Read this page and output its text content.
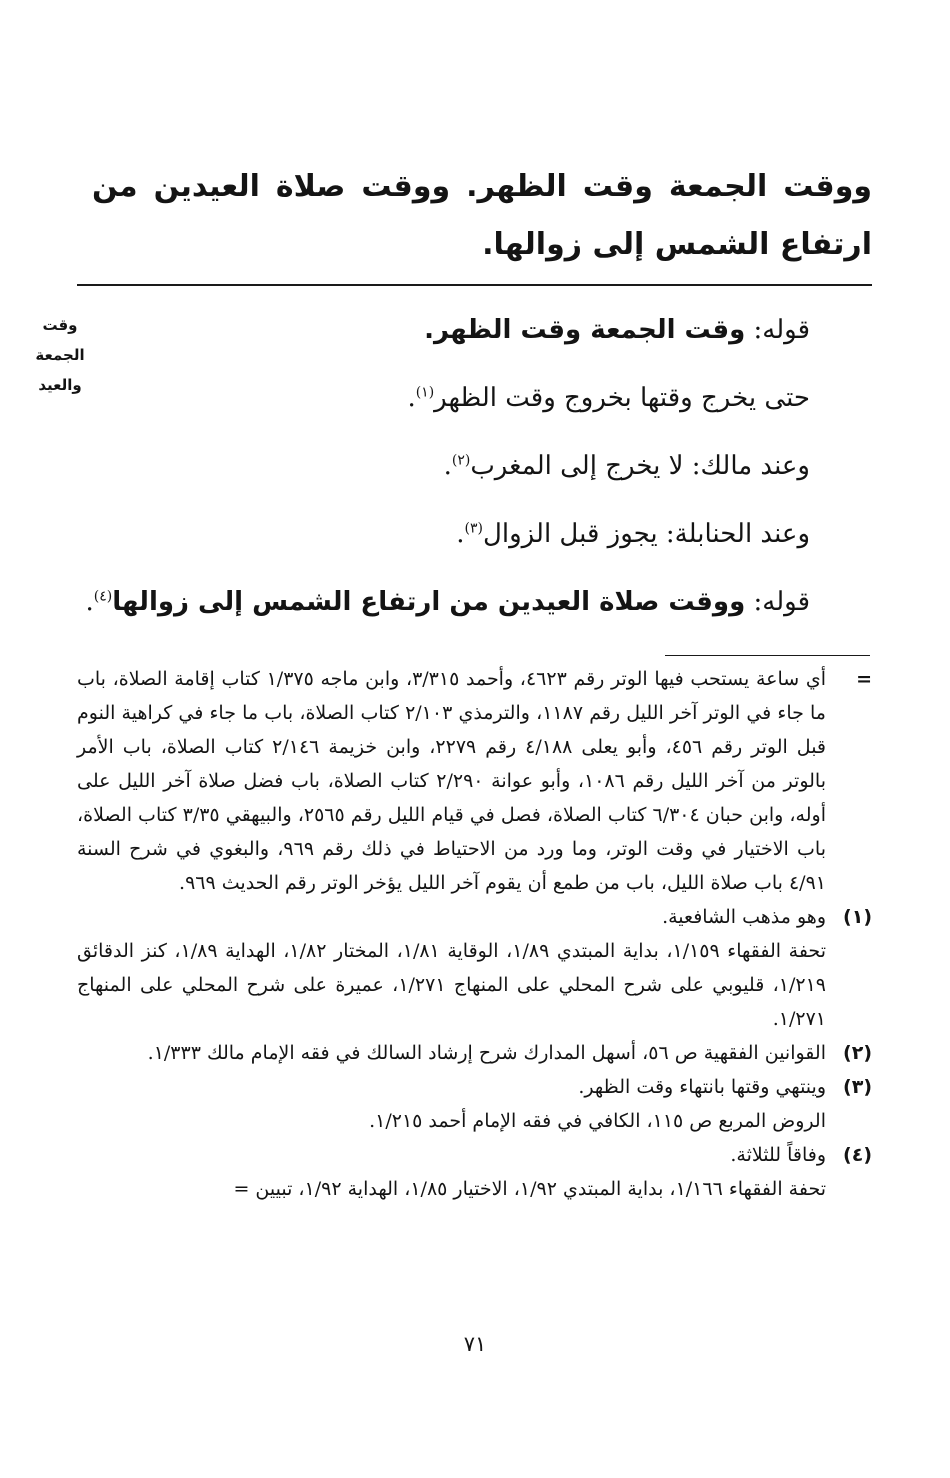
ووقت الجمعة وقت الظهر. ووقت صلاة العيدين من ارتفاع الشمس إلى زوالها.
وقت
الجمعة
والعيد

قوله: وقت الجمعة وقت الظهر.

حتى يخرج وقتها بخروج وقت الظهر$^{(١)}$.

وعند مالك: لا يخرج إلى المغرب$^{(٢)}$.

وعند الحنابلة: يجوز قبل الزوال$^{(٣)}$.

قوله: ووقت صلاة العيدين من ارتفاع الشمس إلى زوالها$^{(٤)}$.

=
أي ساعة يستحب فيها الوتر رقم ٤٦٢٣، وأحمد ٣/٣١٥، وابن ماجه ١/٣٧٥ كتاب إقامة الصلاة، باب ما جاء في الوتر آخر الليل رقم ١١٨٧، والترمذي ٢/١٠٣ كتاب الصلاة، باب ما جاء في كراهية النوم قبل الوتر رقم ٤٥٦، وأبو يعلى ٤/١٨٨ رقم ٢٢٧٩، وابن خزيمة ٢/١٤٦ كتاب الصلاة، باب الأمر بالوتر من آخر الليل رقم ١٠٨٦، وأبو عوانة ٢/٢٩٠ كتاب الصلاة، باب فضل صلاة آخر الليل على أوله، وابن حبان ٦/٣٠٤ كتاب الصلاة، فصل في قيام الليل رقم ٢٥٦٥، والبيهقي ٣/٣٥ كتاب الصلاة، باب الاختيار في وقت الوتر، وما ورد من الاحتياط في ذلك رقم ٩٦٩، والبغوي في شرح السنة ٤/٩١ باب صلاة الليل، باب من طمع أن يقوم آخر الليل يؤخر الوتر رقم الحديث ٩٦٩.
(١)
وهو مذهب الشافعية.
تحفة الفقهاء ١/١٥٩، بداية المبتدي ١/٨٩، الوقاية ١/٨١، المختار ١/٨٢، الهداية ١/٨٩، كنز الدقائق ١/٢١٩، قليوبي على شرح المحلي على المنهاج ١/٢٧١، عميرة على شرح المحلي على المنهاج ١/٢٧١.
(٢)
القوانين الفقهية ص ٥٦، أسهل المدارك شرح إرشاد السالك في فقه الإمام مالك ١/٣٣٣.
(٣)
وينتهي وقتها بانتهاء وقت الظهر.
الروض المربع ص ١١٥، الكافي في فقه الإمام أحمد ١/٢١٥.
(٤)
وفاقاً للثلاثة.
تحفة الفقهاء ١/١٦٦، بداية المبتدي ١/٩٢، الاختيار ١/٨٥، الهداية ١/٩٢، تبيين =
٧١
